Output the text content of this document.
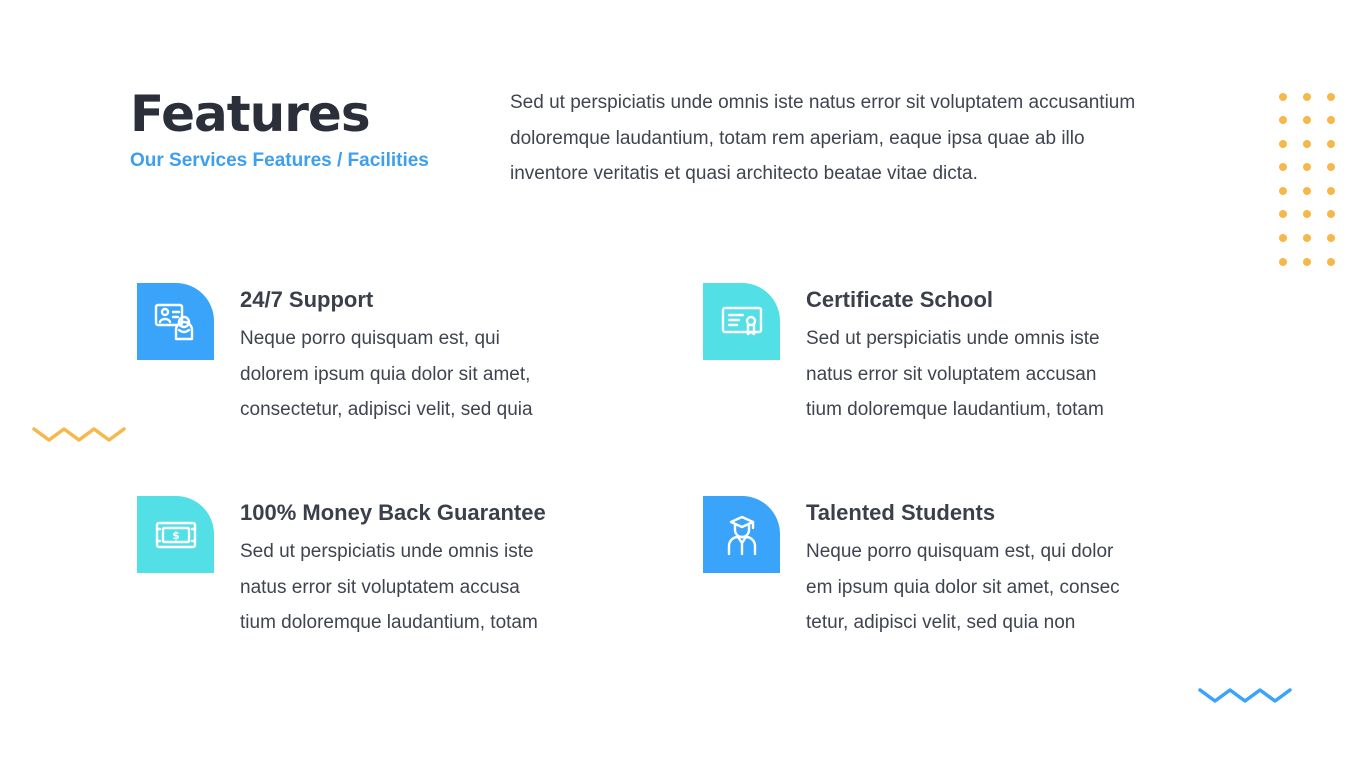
Features
Our Services Features / Facilities

Sed ut perspiciatis unde omnis iste natus error sit voluptatem accusantium doloremque laudantium, totam rem aperiam, eaque ipsa quae ab illo inventore veritatis et quasi architecto beatae vitae dicta.

24/7 Support
Neque porro quisquam est, qui
dolorem ipsum quia dolor sit amet,
consectetur, adipisci velit, sed quia
Certificate School
Sed ut perspiciatis unde omnis iste
natus error sit voluptatem accusan
tium doloremque laudantium, totam
$
100% Money Back Guarantee
Sed ut perspiciatis unde omnis iste
natus error sit voluptatem accusa
tium doloremque laudantium, totam
Talented Students
Neque porro quisquam est, qui dolor
em ipsum quia dolor sit amet, consec
tetur, adipisci velit, sed quia non
